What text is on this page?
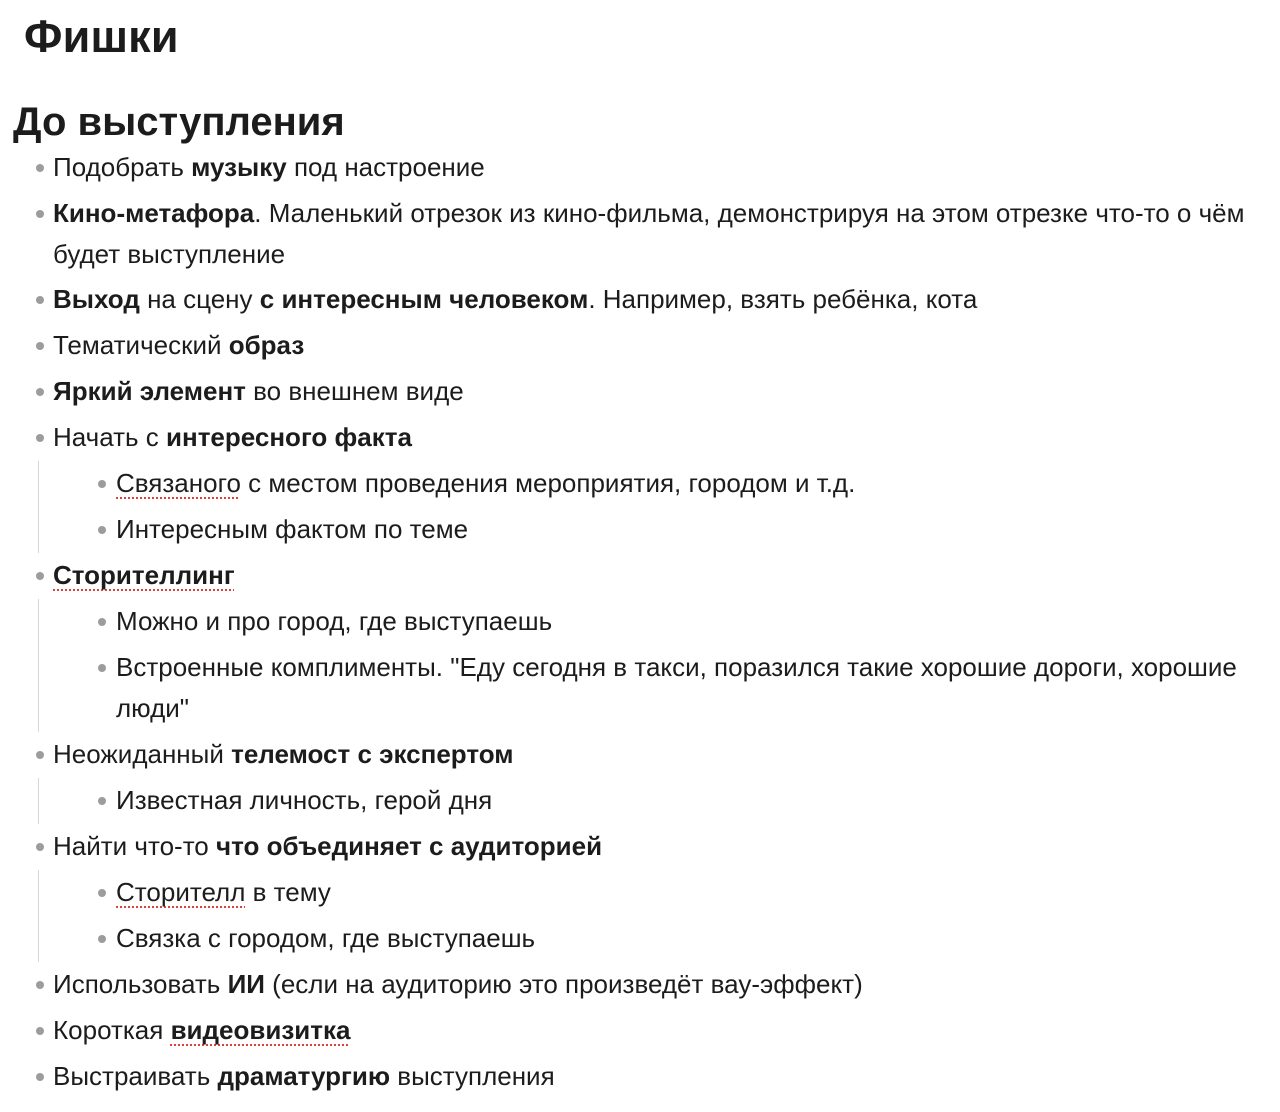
Фишки
До выступления
Подобрать музыку под настроение
Кино-метафора. Маленький отрезок из кино-фильма, демонстрируя на этом отрезке что-то о чём будет выступление
Выход на сцену с интересным человеком. Например, взять ребёнка, кота
Тематический образ
Яркий элемент во внешнем виде
Начать с интересного факта
Связаного с местом проведения мероприятия, городом и т.д.
Интересным фактом по теме
Сторителлинг
Можно и про город, где выступаешь
Встроенные комплименты. "Еду сегодня в такси, поразился такие хорошие дороги, хорошие люди"
Неожиданный телемост с экспертом
Известная личность, герой дня
Найти что-то что объединяет с аудиторией
Сторителл в тему
Связка с городом, где выступаешь
Использовать ИИ (если на аудиторию это произведёт вау-эффект)
Короткая видеовизитка
Выстраивать драматургию выступления
